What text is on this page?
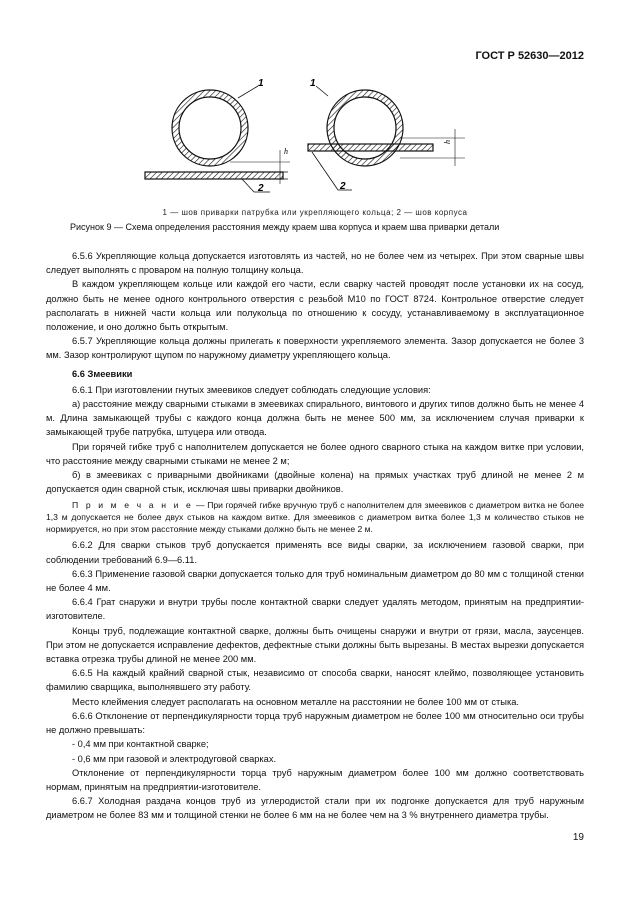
ГОСТ Р 52630—2012
h
1
2
h
1
2
1 — шов приварки патрубка или укрепляющего кольца; 2 — шов корпуса
Рисунок 9 — Схема определения расстояния между краем шва корпуса и краем шва приварки детали

6.5.6 Укрепляющие кольца допускается изготовлять из частей, но не более чем из четырех. При этом сварные швы следует выполнять с проваром на полную толщину кольца.

В каждом укрепляющем кольце или каждой его части, если сварку частей проводят после установки их на сосуд, должно быть не менее одного контрольного отверстия с резьбой М10 по ГОСТ 8724. Контрольное отверстие следует располагать в нижней части кольца или полукольца по отношению к сосуду, устанавливаемому в эксплуатационное положение, и оно должно быть открытым.

6.5.7 Укрепляющие кольца должны прилегать к поверхности укрепляемого элемента. Зазор допускается не более 3 мм. Зазор контролируют щупом по наружному диаметру укрепляющего кольца.

6.6 Змеевики

6.6.1 При изготовлении гнутых змеевиков следует соблюдать следующие условия:

а) расстояние между сварными стыками в змеевиках спирального, винтового и других типов должно быть не менее 4 м. Длина замыкающей трубы с каждого конца должна быть не менее 500 мм, за исключением случая приварки к замыкающей трубе патрубка, штуцера или отвода.

При горячей гибке труб с наполнителем допускается не более одного сварного стыка на каждом витке при условии, что расстояние между сварными стыками не менее 2 м;

б) в змеевиках с приварными двойниками (двойные колена) на прямых участках труб длиной не менее 2 м допускается один сварной стык, исключая швы приварки двойников.

П р и м е ч а н и е — При горячей гибке вручную труб с наполнителем для змеевиков с диаметром витка не более 1,3 м допускается не более двух стыков на каждом витке. Для змеевиков с диаметром витка более 1,3 м количество стыков не нормируется, но при этом расстояние между стыками должно быть не менее 2 м.

6.6.2 Для сварки стыков труб допускается применять все виды сварки, за исключением газовой сварки, при соблюдении требований 6.9—6.11.

6.6.3 Применение газовой сварки допускается только для труб номинальным диаметром до 80 мм с толщиной стенки не более 4 мм.

6.6.4 Грат снаружи и внутри трубы после контактной сварки следует удалять методом, принятым на предприятии-изготовителе.

Концы труб, подлежащие контактной сварке, должны быть очищены снаружи и внутри от грязи, масла, заусенцев. При этом не допускается исправление дефектов, дефектные стыки должны быть вырезаны. В местах вырезки допускается вставка отрезка трубы длиной не менее 200 мм.

6.6.5 На каждый крайний сварной стык, независимо от способа сварки, наносят клеймо, позволяющее установить фамилию сварщика, выполнявшего эту работу.

Место клеймения следует располагать на основном металле на расстоянии не более 100 мм от стыка.

6.6.6 Отклонение от перпендикулярности торца труб наружным диаметром не более 100 мм относительно оси трубы не должно превышать:

- 0,4 мм при контактной сварке;

- 0,6 мм при газовой и электродуговой сварках.

Отклонение от перпендикулярности торца труб наружным диаметром более 100 мм должно соответствовать нормам, принятым на предприятии-изготовителе.

6.6.7 Холодная раздача концов труб из углеродистой стали при их подгонке допускается для труб наружным диаметром не более 83 мм и толщиной стенки не более 6 мм на не более чем на 3 % внутреннего диаметра трубы.

19
